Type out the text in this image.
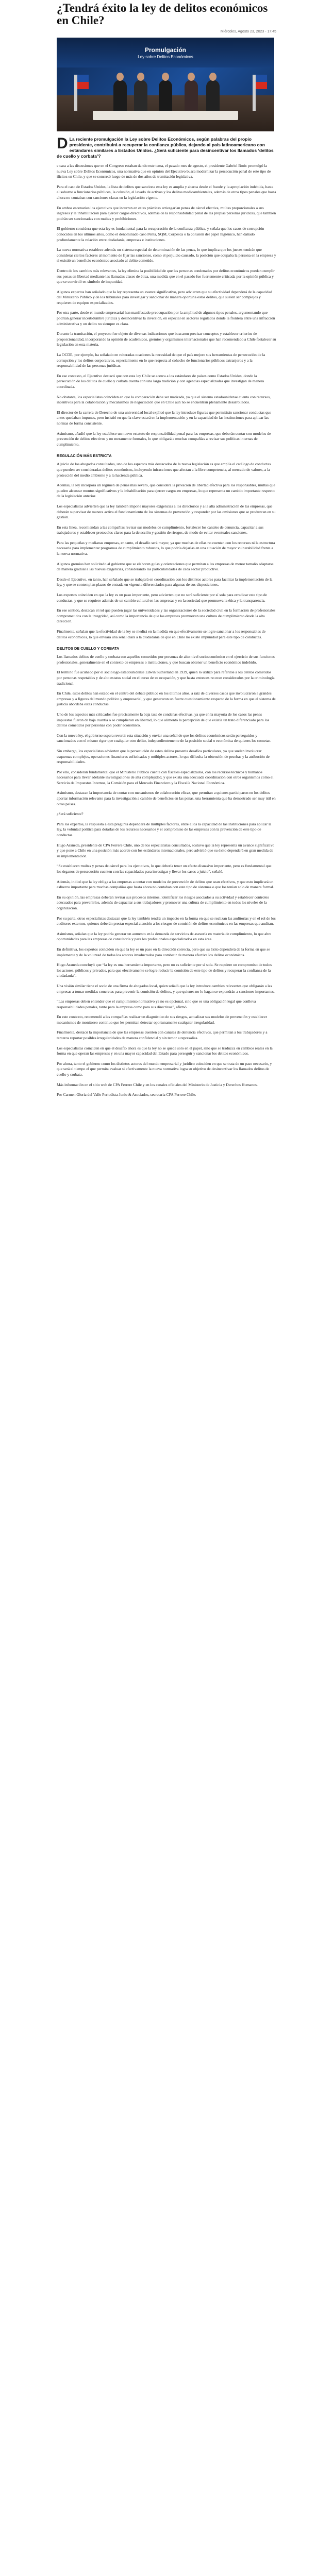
¿Tendrá éxito la ley de delitos económicos en Chile?
Miércoles, Agosto 23, 2023 - 17:45
Promulgación
Ley sobre Delitos Económicos
D La reciente promulgación la Ley sobre Delitos Económicos, según palabras del propio presidente, contribuirá a recuperar la confianza pública, dejando al país latinoamericano con estándares similares a Estados Unidos. ¿Será suficiente para desincentivar los llamados ‘delitos de cuello y corbata’?

e cara a las discusiones que en el Congreso estaban dando este tema, el pasado mes de agosto, el presidente Gabriel Boric promulgó la nueva Ley sobre Delitos Económicos, una normativa que en opinión del Ejecutivo busca modernizar la persecución penal de este tipo de ilícitos en Chile, y que se concretó luego de más de dos años de tramitación legislativa.

Para el caso de Estados Unidos, la lista de delitos que sanciona esta ley es amplia y abarca desde el fraude y la apropiación indebida, hasta el soborno a funcionarios públicos, la colusión, el lavado de activos y los delitos medioambientales, además de otros tipos penales que hasta ahora no contaban con sanciones claras en la legislación vigente.

En ambos escenarios los ejecutivos que incurran en estas prácticas arriesgarían penas de cárcel efectiva, multas proporcionales a sus ingresos y la inhabilitación para ejercer cargos directivos, además de la responsabilidad penal de las propias personas jurídicas, que también podrán ser sancionadas con multas y prohibiciones.

El gobierno considera que esta ley es fundamental para la recuperación de la confianza pública, y señala que los casos de corrupción conocidos en los últimos años, como el denominado caso Penta, SQM, Corpesca o la colusión del papel higiénico, han dañado profundamente la relación entre ciudadanía, empresas e instituciones.

La nueva normativa establece además un sistema especial de determinación de las penas, lo que implica que los jueces tendrán que considerar ciertos factores al momento de fijar las sanciones, como el perjuicio causado, la posición que ocupaba la persona en la empresa y si existió un beneficio económico asociado al delito cometido.

Dentro de los cambios más relevantes, la ley elimina la posibilidad de que las personas condenadas por delitos económicos puedan cumplir sus penas en libertad mediante las llamadas clases de ética, una medida que en el pasado fue fuertemente criticada por la opinión pública y que se convirtió en símbolo de impunidad.

Algunos expertos han señalado que la ley representa un avance significativo, pero advierten que su efectividad dependerá de la capacidad del Ministerio Público y de los tribunales para investigar y sancionar de manera oportuna estos delitos, que suelen ser complejos y requieren de equipos especializados.

Por otra parte, desde el mundo empresarial han manifestado preocupación por la amplitud de algunos tipos penales, argumentando que podrían generar incertidumbre jurídica y desincentivar la inversión, en especial en sectores regulados donde la frontera entre una infracción administrativa y un delito no siempre es clara.

Durante la tramitación, el proyecto fue objeto de diversas indicaciones que buscaron precisar conceptos y establecer criterios de proporcionalidad, incorporando la opinión de académicos, gremios y organismos internacionales que han recomendado a Chile fortalecer su legislación en esta materia.

La OCDE, por ejemplo, ha señalado en reiteradas ocasiones la necesidad de que el país mejore sus herramientas de persecución de la corrupción y los delitos corporativos, especialmente en lo que respecta al cohecho de funcionarios públicos extranjeros y a la responsabilidad de las personas jurídicas.

En ese contexto, el Ejecutivo destacó que con esta ley Chile se acerca a los estándares de países como Estados Unidos, donde la persecución de los delitos de cuello y corbata cuenta con una larga tradición y con agencias especializadas que investigan de manera coordinada.

No obstante, los especialistas coinciden en que la comparación debe ser matizada, ya que el sistema estadounidense cuenta con recursos, incentivos para la colaboración y mecanismos de negociación que en Chile aún no se encuentran plenamente desarrollados.

El director de la carrera de Derecho de una universidad local explicó que la ley introduce figuras que permitirán sancionar conductas que antes quedaban impunes, pero insistió en que la clave estará en la implementación y en la capacidad de las instituciones para aplicar las normas de forma consistente.

Asimismo, añadió que la ley establece un nuevo estatuto de responsabilidad penal para las empresas, que deberán contar con modelos de prevención de delitos efectivos y no meramente formales, lo que obligará a muchas compañías a revisar sus políticas internas de cumplimiento.

REGULACIÓN MÁS ESTRICTA

A juicio de los abogados consultados, uno de los aspectos más destacados de la nueva legislación es que amplía el catálogo de conductas que pueden ser consideradas delitos económicos, incluyendo infracciones que afectan a la libre competencia, al mercado de valores, a la protección del medio ambiente y a la hacienda pública.

Además, la ley incorpora un régimen de penas más severo, que considera la privación de libertad efectiva para los responsables, multas que pueden alcanzar montos significativos y la inhabilitación para ejercer cargos en empresas, lo que representa un cambio importante respecto de la legislación anterior.

Los especialistas advierten que la ley también impone mayores exigencias a los directorios y a la alta administración de las empresas, que deberán supervisar de manera activa el funcionamiento de los sistemas de prevención y responder por las omisiones que se produzcan en su gestión.

En esta línea, recomiendan a las compañías revisar sus modelos de cumplimiento, fortalecer los canales de denuncia, capacitar a sus trabajadores y establecer protocolos claros para la detección y gestión de riesgos, de modo de evitar eventuales sanciones.

Para las pequeñas y medianas empresas, en tanto, el desafío será mayor, ya que muchas de ellas no cuentan con los recursos ni la estructura necesaria para implementar programas de cumplimiento robustos, lo que podría dejarlas en una situación de mayor vulnerabilidad frente a la nueva normativa.

Algunos gremios han solicitado al gobierno que se elaboren guías y orientaciones que permitan a las empresas de menor tamaño adaptarse de manera gradual a las nuevas exigencias, considerando las particularidades de cada sector productivo.

Desde el Ejecutivo, en tanto, han señalado que se trabajará en coordinación con los distintos actores para facilitar la implementación de la ley, y que se contemplan plazos de entrada en vigencia diferenciados para algunas de sus disposiciones.

Los expertos coinciden en que la ley es un paso importante, pero advierten que no será suficiente por sí sola para erradicar este tipo de conductas, y que se requiere además de un cambio cultural en las empresas y en la sociedad que promueva la ética y la transparencia.

En ese sentido, destacan el rol que pueden jugar las universidades y las organizaciones de la sociedad civil en la formación de profesionales comprometidos con la integridad, así como la importancia de que las empresas promuevan una cultura de cumplimiento desde la alta dirección.

Finalmente, señalan que la efectividad de la ley se medirá en la medida en que efectivamente se logre sancionar a los responsables de delitos económicos, lo que enviará una señal clara a la ciudadanía de que en Chile no existe impunidad para este tipo de conductas.

DELITOS DE CUELLO Y CORBATA

Los llamados delitos de cuello y corbata son aquellos cometidos por personas de alto nivel socioeconómico en el ejercicio de sus funciones profesionales, generalmente en el contexto de empresas o instituciones, y que buscan obtener un beneficio económico indebido.

El término fue acuñado por el sociólogo estadounidense Edwin Sutherland en 1939, quien lo utilizó para referirse a los delitos cometidos por personas respetables y de alto estatus social en el curso de su ocupación, y que hasta entonces no eran considerados por la criminología tradicional.

En Chile, estos delitos han estado en el centro del debate público en los últimos años, a raíz de diversos casos que involucraron a grandes empresas y a figuras del mundo político y empresarial, y que generaron un fuerte cuestionamiento respecto de la forma en que el sistema de justicia abordaba estas conductas.

Uno de los aspectos más criticados fue precisamente la baja tasa de condenas efectivas, ya que en la mayoría de los casos las penas impuestas fueron de baja cuantía o se cumplieron en libertad, lo que alimentó la percepción de que existía un trato diferenciado para los delitos cometidos por personas con poder económico.

Con la nueva ley, el gobierno espera revertir esta situación y enviar una señal de que los delitos económicos serán perseguidos y sancionados con el mismo rigor que cualquier otro delito, independientemente de la posición social o económica de quienes los cometan.

Sin embargo, los especialistas advierten que la persecución de estos delitos presenta desafíos particulares, ya que suelen involucrar esquemas complejos, operaciones financieras sofisticadas y múltiples actores, lo que dificulta la obtención de pruebas y la atribución de responsabilidades.

Por ello, consideran fundamental que el Ministerio Público cuente con fiscales especializados, con los recursos técnicos y humanos necesarios para llevar adelante investigaciones de alta complejidad, y que exista una adecuada coordinación con otros organismos como el Servicio de Impuestos Internos, la Comisión para el Mercado Financiero y la Fiscalía Nacional Económica.

Asimismo, destacan la importancia de contar con mecanismos de colaboración eficaz, que permitan a quienes participaron en los delitos aportar información relevante para la investigación a cambio de beneficios en las penas, una herramienta que ha demostrado ser muy útil en otros países.

¿Será suficiente?

Para los expertos, la respuesta a esta pregunta dependerá de múltiples factores, entre ellos la capacidad de las instituciones para aplicar la ley, la voluntad política para dotarlas de los recursos necesarios y el compromiso de las empresas con la prevención de este tipo de conductas.

Hugo Araneda, presidente de CPA Ferrere Chile, uno de los especialistas consultados, sostuvo que la ley representa un avance significativo y que pone a Chile en una posición más acorde con los estándares internacionales, pero advirtió que su éxito dependerá en gran medida de su implementación.

“Se establecen multas y penas de cárcel para los ejecutivos, lo que debería tener un efecto disuasivo importante, pero es fundamental que los órganos de persecución cuenten con las capacidades para investigar y llevar los casos a juicio”, señaló.

Además, indicó que la ley obliga a las empresas a contar con modelos de prevención de delitos que sean efectivos, y que esto implicará un esfuerzo importante para muchas compañías que hasta ahora no contaban con este tipo de sistemas o que los tenían solo de manera formal.

En su opinión, las empresas deberán revisar sus procesos internos, identificar los riesgos asociados a su actividad y establecer controles adecuados para prevenirlos, además de capacitar a sus trabajadores y promover una cultura de cumplimiento en todos los niveles de la organización.

Por su parte, otros especialistas destacan que la ley también tendrá un impacto en la forma en que se realizan las auditorías y en el rol de los auditores externos, quienes deberán prestar especial atención a los riesgos de comisión de delitos económicos en las empresas que auditan.

Asimismo, señalan que la ley podría generar un aumento en la demanda de servicios de asesoría en materia de cumplimiento, lo que abre oportunidades para las empresas de consultoría y para los profesionales especializados en esta área.

En definitiva, los expertos coinciden en que la ley es un paso en la dirección correcta, pero que su éxito dependerá de la forma en que se implemente y de la voluntad de todos los actores involucrados para combatir de manera efectiva los delitos económicos.

Hugo Araneda concluyó que “la ley es una herramienta importante, pero no es suficiente por sí sola. Se requiere un compromiso de todos los actores, públicos y privados, para que efectivamente se logre reducir la comisión de este tipo de delitos y recuperar la confianza de la ciudadanía”.

Una visión similar tiene el socio de una firma de abogados local, quien señaló que la ley introduce cambios relevantes que obligarán a las empresas a tomar medidas concretas para prevenir la comisión de delitos, y que quienes no lo hagan se expondrán a sanciones importantes.

“Las empresas deben entender que el cumplimiento normativo ya no es opcional, sino que es una obligación legal que conlleva responsabilidades penales, tanto para la empresa como para sus directivos”, afirmó.

En este contexto, recomendó a las compañías realizar un diagnóstico de sus riesgos, actualizar sus modelos de prevención y establecer mecanismos de monitoreo continuo que les permitan detectar oportunamente cualquier irregularidad.

Finalmente, destacó la importancia de que las empresas cuenten con canales de denuncia efectivos, que permitan a los trabajadores y a terceros reportar posibles irregularidades de manera confidencial y sin temor a represalias.

Los especialistas coinciden en que el desafío ahora es que la ley no se quede solo en el papel, sino que se traduzca en cambios reales en la forma en que operan las empresas y en una mayor capacidad del Estado para perseguir y sancionar los delitos económicos.

Por ahora, tanto el gobierno como los distintos actores del mundo empresarial y jurídico coinciden en que se trata de un paso necesario, y que será el tiempo el que permita evaluar si efectivamente la nueva normativa logra su objetivo de desincentivar los llamados delitos de cuello y corbata.

Más información en el sitio web de CPA Ferrere Chile y en los canales oficiales del Ministerio de Justicia y Derechos Humanos.

Por Carmen Gloria del Valle Periodista Junio & Asociados, secretaria CPA Ferrere Chile.
